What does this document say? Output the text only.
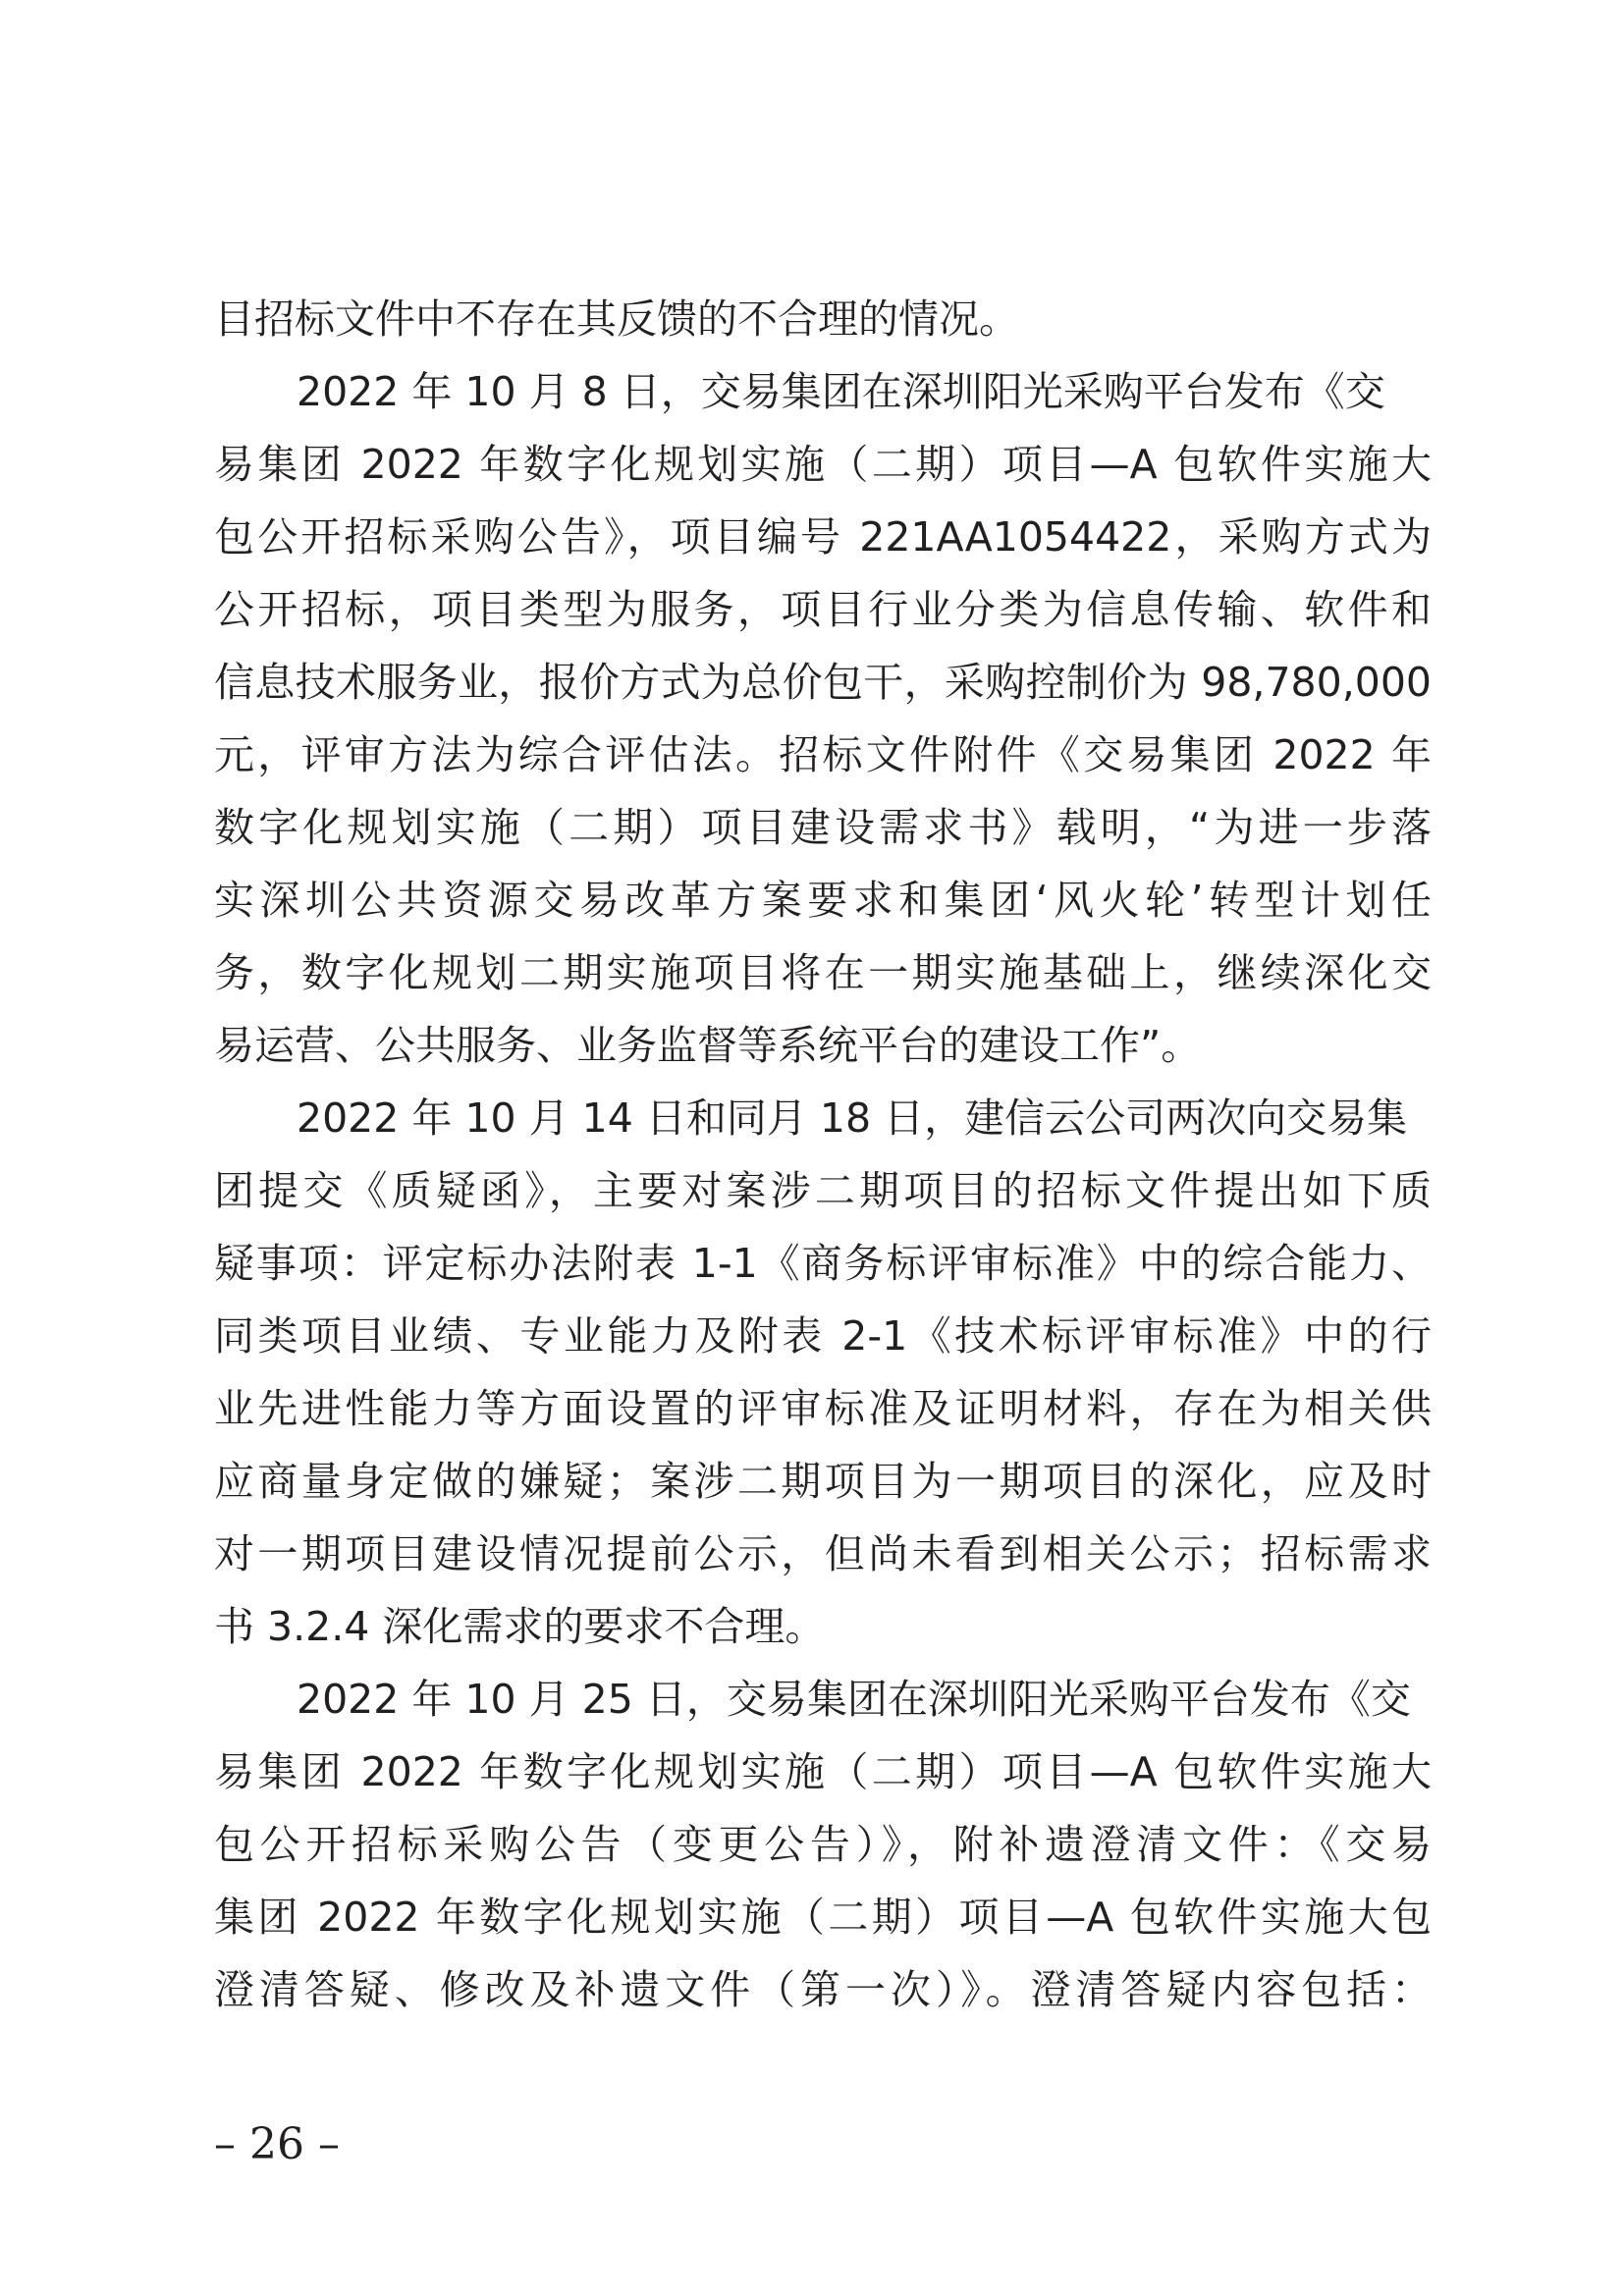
目招标文件中不存在其反馈的不合理的情况。
2022 年 10 月 8 日，交易集团在深圳阳光采购平台发布《交
易集团 2022 年数字化规划实施（二期）项目—A 包软件实施大
包公开招标采购公告》，项目编号 221AA1054422，采购方式为
公开招标，项目类型为服务，项目行业分类为信息传输、软件和
信息技术服务业，报价方式为总价包干，采购控制价为 98,780,000
元，评审方法为综合评估法。招标文件附件《交易集团 2022 年
数字化规划实施（二期）项目建设需求书》载明，“为进一步落
实深圳公共资源交易改革方案要求和集团‘风火轮’转型计划任
务，数字化规划二期实施项目将在一期实施基础上，继续深化交
易运营、公共服务、业务监督等系统平台的建设工作”。
2022 年 10 月 14 日和同月 18 日，建信云公司两次向交易集
团提交《质疑函》，主要对案涉二期项目的招标文件提出如下质
疑事项：评定标办法附表 1-1《商务标评审标准》中的综合能力、
同类项目业绩、专业能力及附表 2-1《技术标评审标准》中的行
业先进性能力等方面设置的评审标准及证明材料，存在为相关供
应商量身定做的嫌疑；案涉二期项目为一期项目的深化，应及时
对一期项目建设情况提前公示，但尚未看到相关公示；招标需求
书 3.2.4 深化需求的要求不合理。
2022 年 10 月 25 日，交易集团在深圳阳光采购平台发布《交
易集团 2022 年数字化规划实施（二期）项目—A 包软件实施大
包公开招标采购公告（变更公告）》，附补遗澄清文件：《交易
集团 2022 年数字化规划实施（二期）项目—A 包软件实施大包
澄清答疑、修改及补遗文件（第一次）》。澄清答疑内容包括：
– 26 –
